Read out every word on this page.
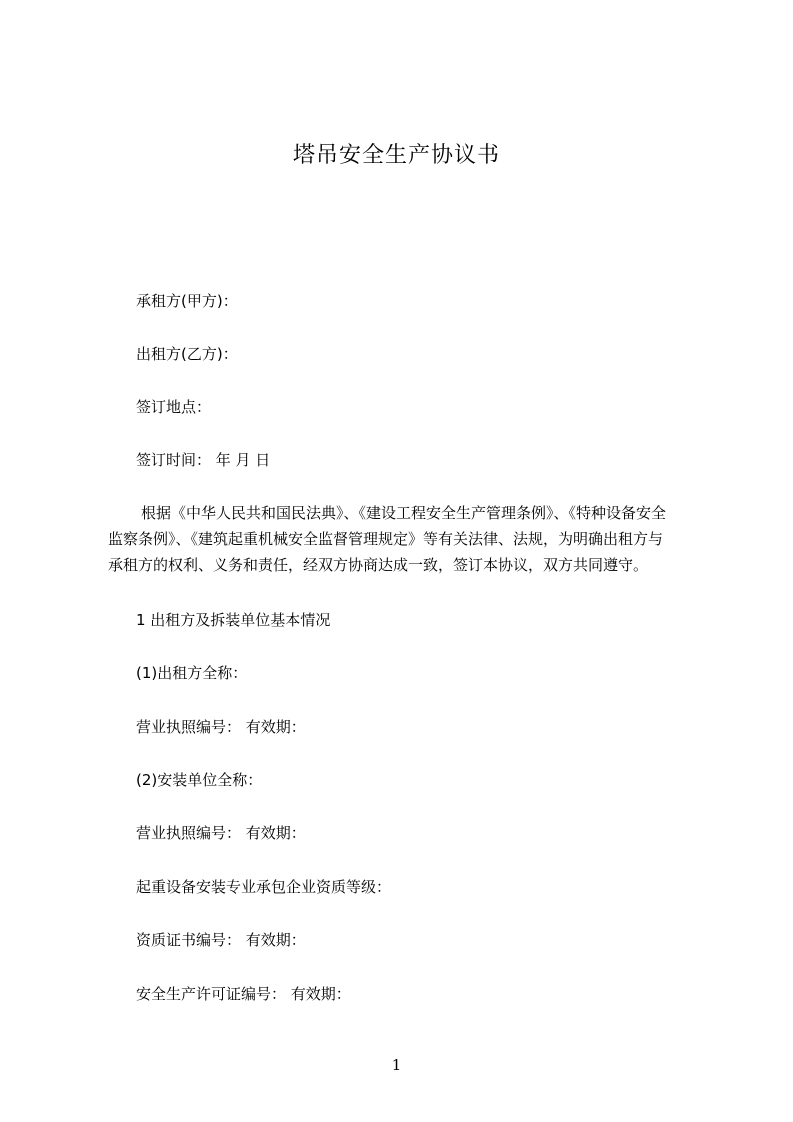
塔吊安全生产协议书
承租方(甲方)：
出租方(乙方)：
签订地点：
签订时间： 年 月 日
根据《中华人民共和国民法典》、《建设工程安全生产管理条例》、《特种设备安全
监察条例》、《建筑起重机械安全监督管理规定》等有关法律、法规，为明确出租方与
承租方的权利、义务和责任，经双方协商达成一致，签订本协议，双方共同遵守。
1 出租方及拆装单位基本情况
(1)出租方全称：
营业执照编号： 有效期：
(2)安装单位全称：
营业执照编号： 有效期：
起重设备安装专业承包企业资质等级：
资质证书编号： 有效期：
安全生产许可证编号： 有效期：
1
